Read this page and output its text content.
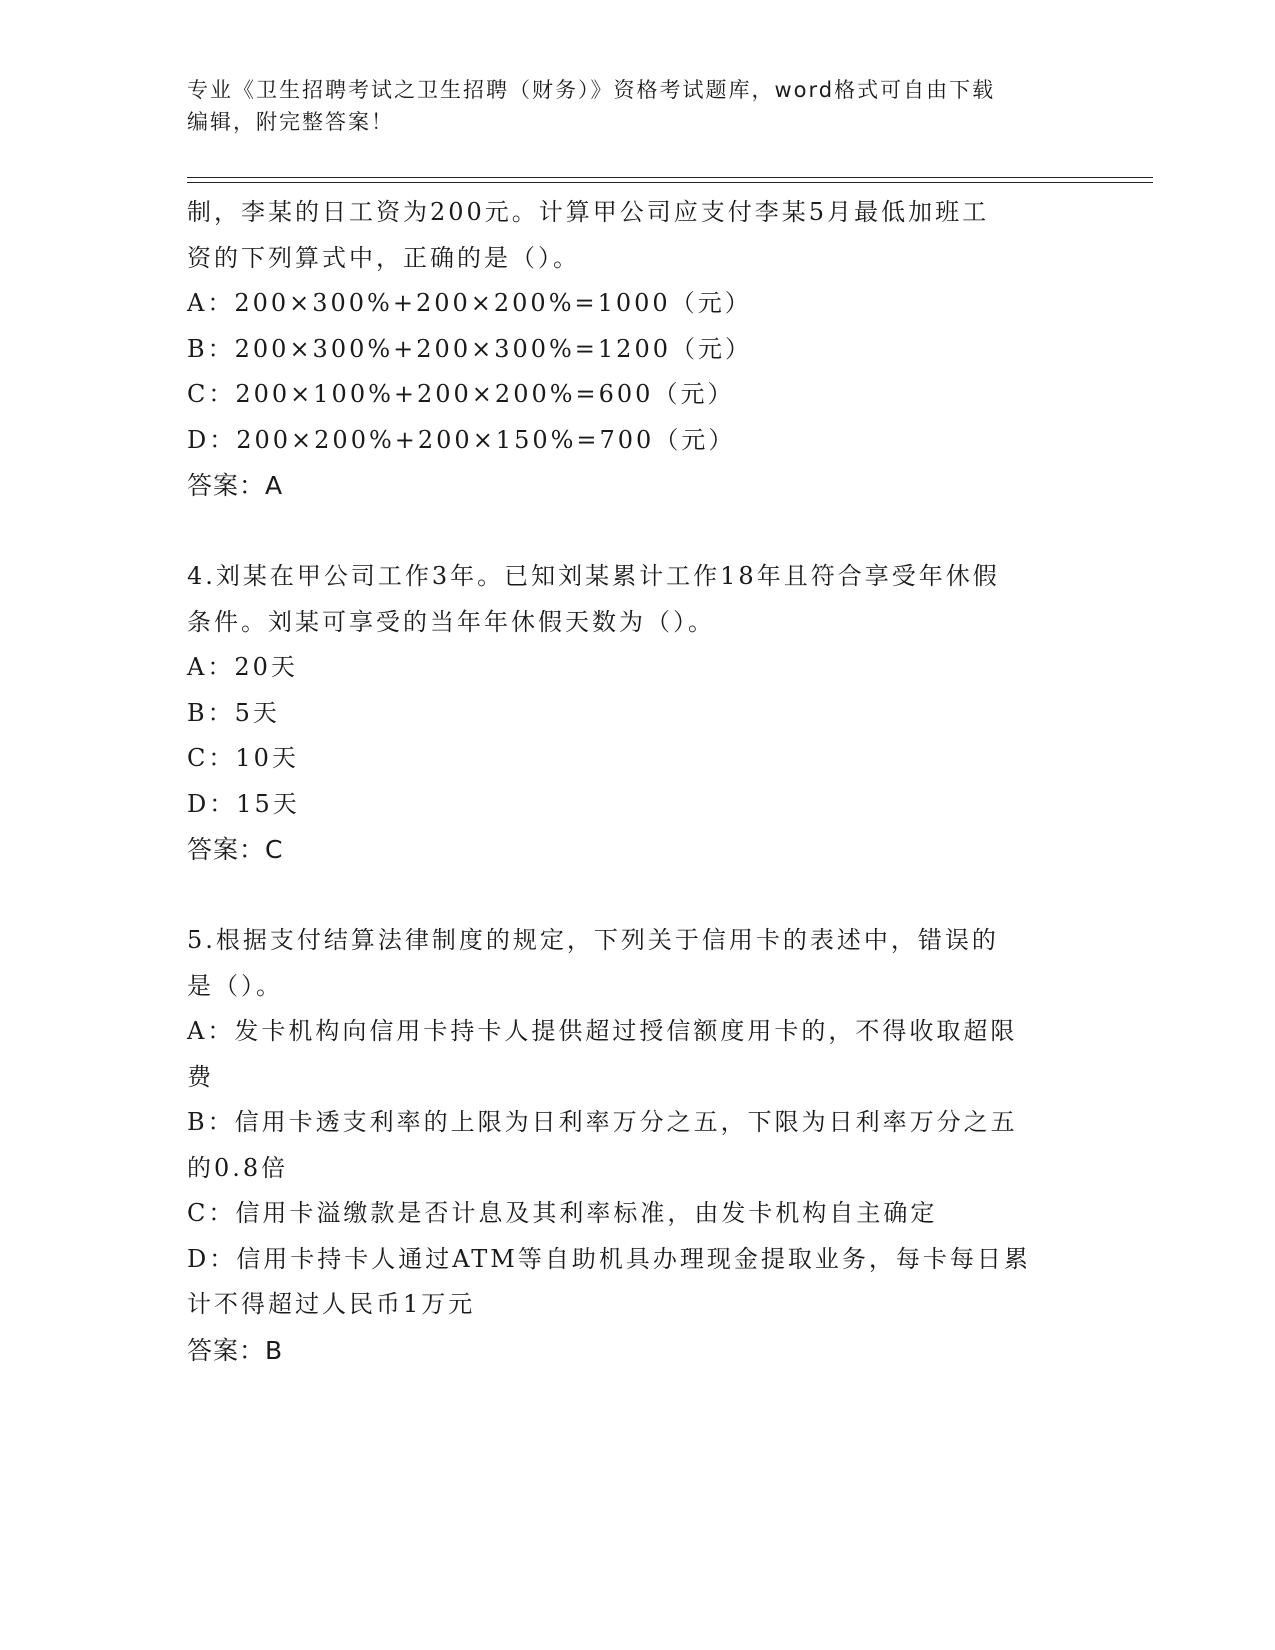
专业《卫生招聘考试之卫生招聘（财务）》资格考试题库，word格式可自由下载
编辑，附完整答案！
制，李某的日工资为200元。计算甲公司应支付李某5月最低加班工
资的下列算式中，正确的是（）。
A：200×300%+200×200%=1000（元）
B：200×300%+200×300%=1200（元）
C：200×100%+200×200%=600（元）
D：200×200%+200×150%=700（元）
答案：A
4.刘某在甲公司工作3年。已知刘某累计工作18年且符合享受年休假
条件。刘某可享受的当年年休假天数为（）。
A：20天
B：5天
C：10天
D：15天
答案：C
5.根据支付结算法律制度的规定，下列关于信用卡的表述中，错误的
是（）。
A：发卡机构向信用卡持卡人提供超过授信额度用卡的，不得收取超限
费
B：信用卡透支利率的上限为日利率万分之五，下限为日利率万分之五
的0.8倍
C：信用卡溢缴款是否计息及其利率标准，由发卡机构自主确定
D：信用卡持卡人通过ATM等自助机具办理现金提取业务，每卡每日累
计不得超过人民币1万元
答案：B
